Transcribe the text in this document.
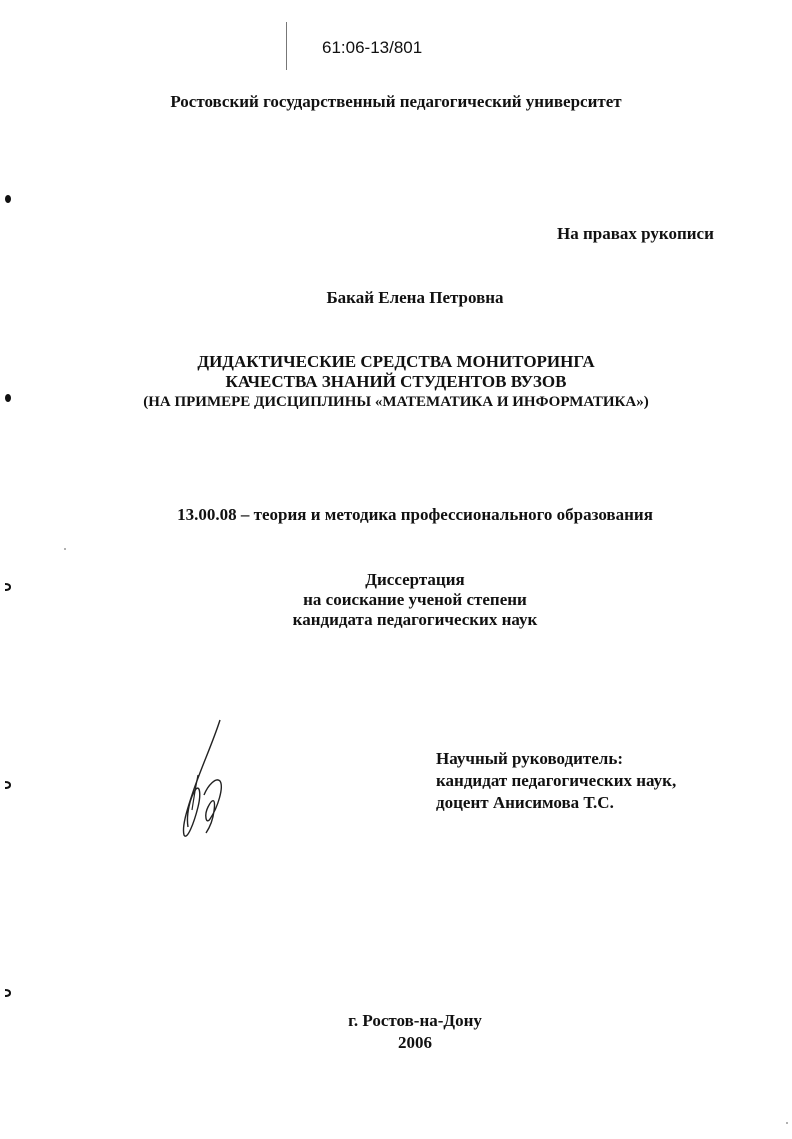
61:06-13/801
Ростовский государственный педагогический университет
На правах рукописи
Бакай Елена Петровна
ДИДАКТИЧЕСКИЕ СРЕДСТВА МОНИТОРИНГА
КАЧЕСТВА ЗНАНИЙ СТУДЕНТОВ ВУЗОВ
(НА ПРИМЕРЕ ДИСЦИПЛИНЫ «МАТЕМАТИКА И ИНФОРМАТИКА»)
13.00.08 – теория и методика профессионального образования
Диссертация
на соискание ученой степени
кандидата педагогических наук
Научный руководитель:
кандидат педагогических наук,
доцент Анисимова Т.С.
г. Ростов-на-Дону
2006
